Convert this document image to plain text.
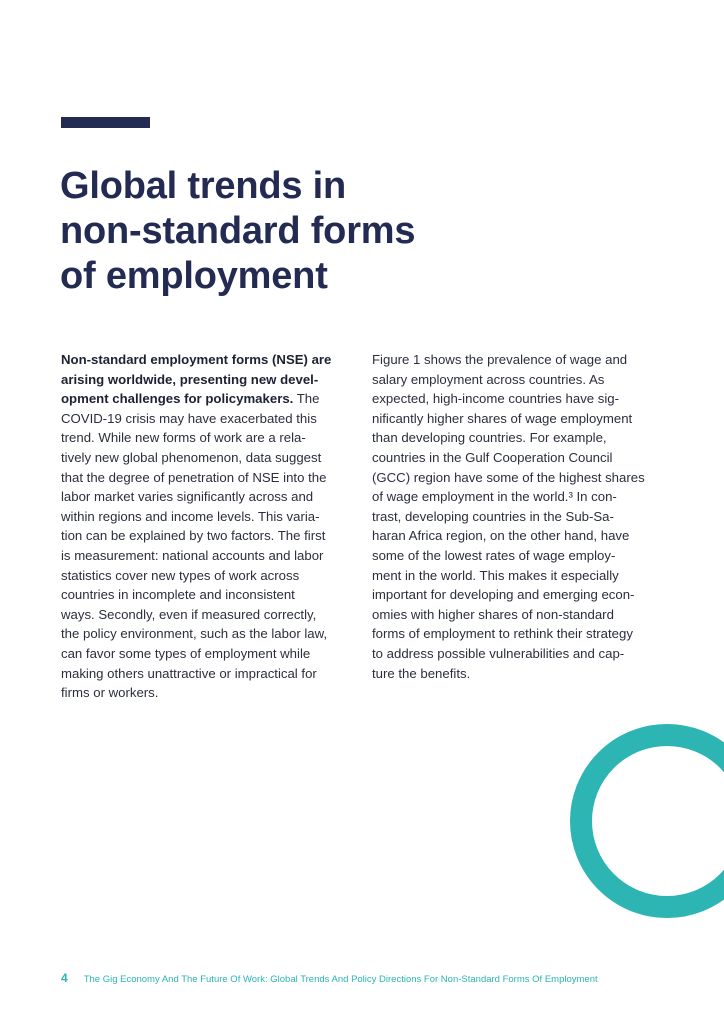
Global trends in
non-standard forms
of employment
Non-standard employment forms (NSE) are
arising worldwide, presenting new devel-
opment challenges for policymakers. The
COVID-19 crisis may have exacerbated this
trend. While new forms of work are a rela-
tively new global phenomenon, data suggest
that the degree of penetration of NSE into the
labor market varies significantly across and
within regions and income levels. This varia-
tion can be explained by two factors. The first
is measurement: national accounts and labor
statistics cover new types of work across
countries in incomplete and inconsistent
ways. Secondly, even if measured correctly,
the policy environment, such as the labor law,
can favor some types of employment while
making others unattractive or impractical for
firms or workers.
Figure 1 shows the prevalence of wage and
salary employment across countries. As
expected, high-income countries have sig-
nificantly higher shares of wage employment
than developing countries. For example,
countries in the Gulf Cooperation Council
(GCC) region have some of the highest shares
of wage employment in the world.³ In con-
trast, developing countries in the Sub-Sa-
haran Africa region, on the other hand, have
some of the lowest rates of wage employ-
ment in the world. This makes it especially
important for developing and emerging econ-
omies with higher shares of non-standard
forms of employment to rethink their strategy
to address possible vulnerabilities and cap-
ture the benefits.
4 The Gig Economy And The Future Of Work: Global Trends And Policy Directions For Non-Standard Forms Of Employment
